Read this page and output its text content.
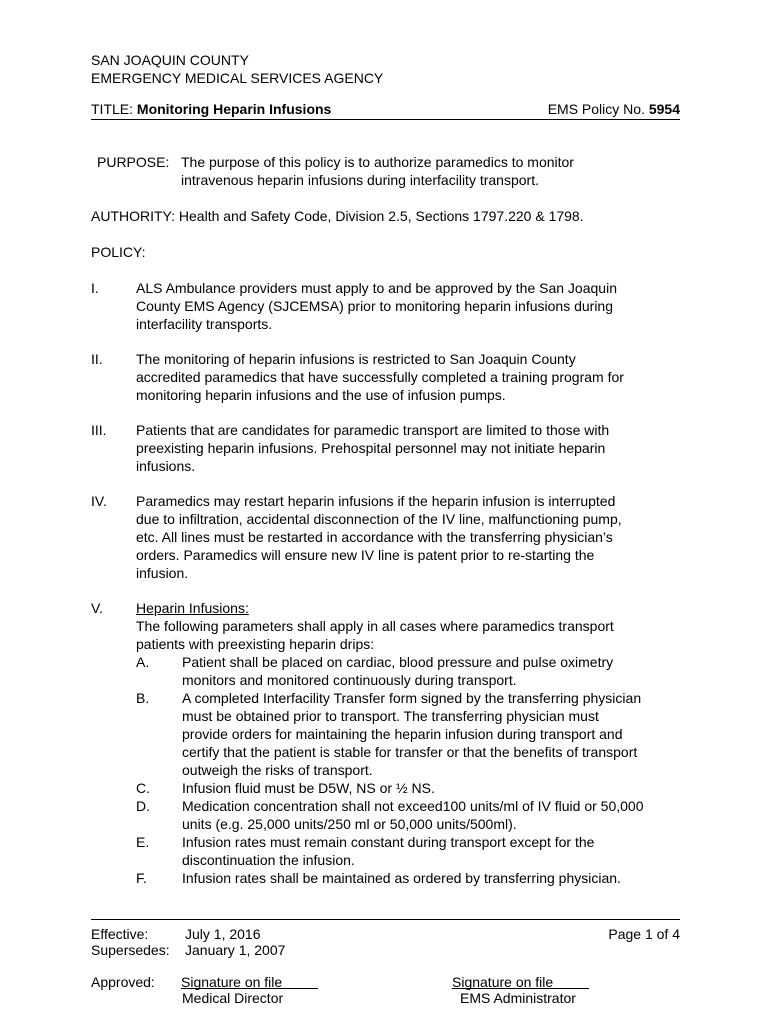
SAN JOAQUIN COUNTY
EMERGENCY MEDICAL SERVICES AGENCY
TITLE: Monitoring Heparin Infusions	EMS Policy No. 5954
PURPOSE: The purpose of this policy is to authorize paramedics to monitor
intravenous heparin infusions during interfacility transport.
AUTHORITY: Health and Safety Code, Division 2.5, Sections 1797.220 & 1798.
POLICY:
I.	ALS Ambulance providers must apply to and be approved by the San Joaquin
County EMS Agency (SJCEMSA) prior to monitoring heparin infusions during
interfacility transports.
II. The monitoring of heparin infusions is restricted to San Joaquin County
accredited paramedics that have successfully completed a training program for
monitoring heparin infusions and the use of infusion pumps.
III. Patients that are candidates for paramedic transport are limited to those with
preexisting heparin infusions. Prehospital personnel may not initiate heparin
infusions.
IV. Paramedics may restart heparin infusions if the heparin infusion is interrupted
due to infiltration, accidental disconnection of the IV line, malfunctioning pump,
etc. All lines must be restarted in accordance with the transferring physician’s
orders. Paramedics will ensure new IV line is patent prior to re-starting the
infusion.
V. Heparin Infusions:
The following parameters shall apply in all cases where paramedics transport
patients with preexisting heparin drips:
A. Patient shall be placed on cardiac, blood pressure and pulse oximetry
monitors and monitored continuously during transport.
B. A completed Interfacility Transfer form signed by the transferring physician
must be obtained prior to transport. The transferring physician must
provide orders for maintaining the heparin infusion during transport and
certify that the patient is stable for transfer or that the benefits of transport
outweigh the risks of transport.
C. Infusion fluid must be D5W, NS or ½ NS.
D. Medication concentration shall not exceed100 units/ml of IV fluid or 50,000
units (e.g. 25,000 units/250 ml or 50,000 units/500ml).
E. Infusion rates must remain constant during transport except for the
discontinuation the infusion.
F.	Infusion rates shall be maintained as ordered by transferring physician.
Effective:	July 1, 2016	Page 1 of 4
Supersedes: January 1, 2007
Approved: Signature on file
Medical Director
Signature on file
EMS Administrator
